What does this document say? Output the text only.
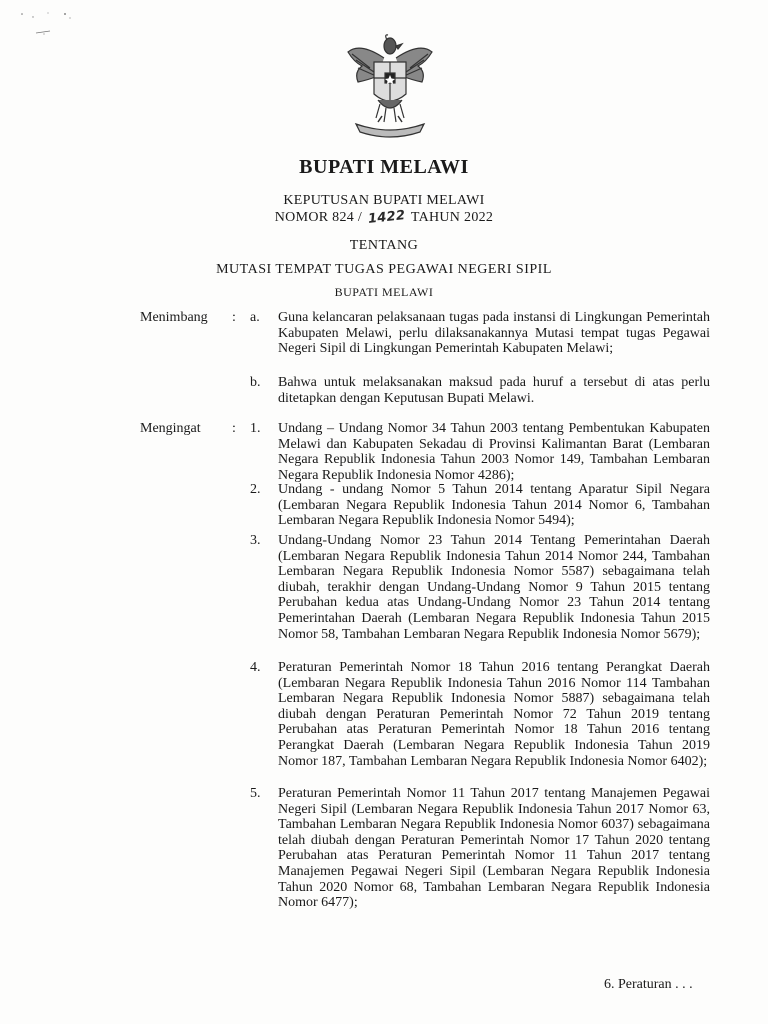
BUPATI MELAWI
KEPUTUSAN BUPATI MELAWI
NOMOR 824 / 1422 TAHUN 2022
TENTANG
MUTASI TEMPAT TUGAS PEGAWAI NEGERI SIPIL
BUPATI MELAWI
Menimbang : a. Guna kelancaran pelaksanaan tugas pada instansi di Lingkungan Pemerintah Kabupaten Melawi, perlu dilaksanakannya Mutasi tempat tugas Pegawai Negeri Sipil di Lingkungan Pemerintah Kabupaten Melawi;
b. Bahwa untuk melaksanakan maksud pada huruf a tersebut di atas perlu ditetapkan dengan Keputusan Bupati Melawi.
Mengingat : 1. Undang – Undang Nomor 34 Tahun 2003 tentang Pembentukan Kabupaten Melawi dan Kabupaten Sekadau di Provinsi Kalimantan Barat (Lembaran Negara Republik Indonesia Tahun 2003 Nomor 149, Tambahan Lembaran Negara Republik Indonesia Nomor 4286);
2. Undang - undang Nomor 5 Tahun 2014 tentang Aparatur Sipil Negara (Lembaran Negara Republik Indonesia Tahun 2014 Nomor 6, Tambahan Lembaran Negara Republik Indonesia Nomor 5494);
3. Undang-Undang Nomor 23 Tahun 2014 Tentang Pemerintahan Daerah (Lembaran Negara Republik Indonesia Tahun 2014 Nomor 244, Tambahan Lembaran Negara Republik Indonesia Nomor 5587) sebagaimana telah diubah, terakhir dengan Undang-Undang Nomor 9 Tahun 2015 tentang Perubahan kedua atas Undang-Undang Nomor 23 Tahun 2014 tentang Pemerintahan Daerah (Lembaran Negara Republik Indonesia Tahun 2015 Nomor 58, Tambahan Lembaran Negara Republik Indonesia Nomor 5679);
4. Peraturan Pemerintah Nomor 18 Tahun 2016 tentang Perangkat Daerah (Lembaran Negara Republik Indonesia Tahun 2016 Nomor 114 Tambahan Lembaran Negara Republik Indonesia Nomor 5887) sebagaimana telah diubah dengan Peraturan Pemerintah Nomor 72 Tahun 2019 tentang Perubahan atas Peraturan Pemerintah Nomor 18 Tahun 2016 tentang Perangkat Daerah (Lembaran Negara Republik Indonesia Tahun 2019 Nomor 187, Tambahan Lembaran Negara Republik Indonesia Nomor 6402);
5. Peraturan Pemerintah Nomor 11 Tahun 2017 tentang Manajemen Pegawai Negeri Sipil (Lembaran Negara Republik Indonesia Tahun 2017 Nomor 63, Tambahan Lembaran Negara Republik Indonesia Nomor 6037) sebagaimana telah diubah dengan Peraturan Pemerintah Nomor 17 Tahun 2020 tentang Perubahan atas Peraturan Pemerintah Nomor 11 Tahun 2017 tentang Manajemen Pegawai Negeri Sipil (Lembaran Negara Republik Indonesia Tahun 2020 Nomor 68, Tambahan Lembaran Negara Republik Indonesia Nomor 6477);
6. Peraturan . . .
